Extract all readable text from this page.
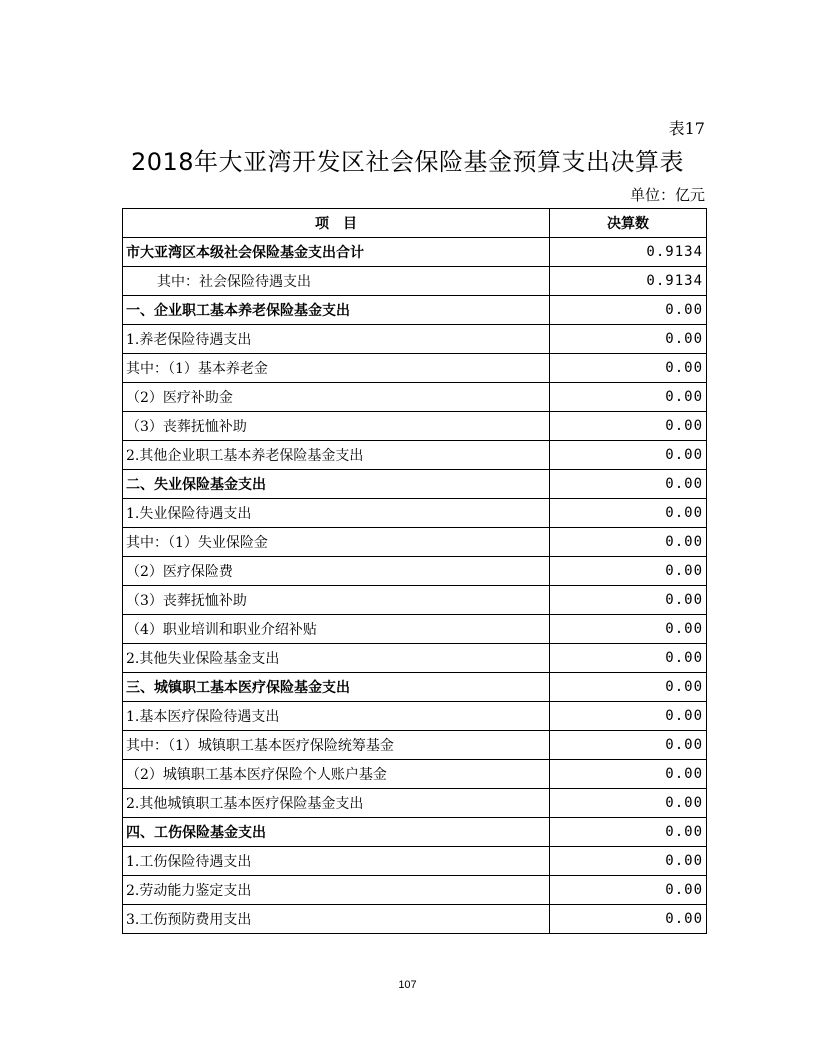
表17
2018年大亚湾开发区社会保险基金预算支出决算表
单位：亿元
项　目	决算数
市大亚湾区本级社会保险基金支出合计	0.9134
其中：社会保险待遇支出	0.9134
一、企业职工基本养老保险基金支出	0.00
1.养老保险待遇支出	0.00
其中：（1）基本养老金	0.00
（2）医疗补助金	0.00
（3）丧葬抚恤补助	0.00
2.其他企业职工基本养老保险基金支出	0.00
二、失业保险基金支出	0.00
1.失业保险待遇支出	0.00
其中：（1）失业保险金	0.00
（2）医疗保险费	0.00
（3）丧葬抚恤补助	0.00
（4）职业培训和职业介绍补贴	0.00
2.其他失业保险基金支出	0.00
三、城镇职工基本医疗保险基金支出	0.00
1.基本医疗保险待遇支出	0.00
其中：（1）城镇职工基本医疗保险统筹基金	0.00
（2）城镇职工基本医疗保险个人账户基金	0.00
2.其他城镇职工基本医疗保险基金支出	0.00
四、工伤保险基金支出	0.00
1.工伤保险待遇支出	0.00
2.劳动能力鉴定支出	0.00
3.工伤预防费用支出	0.00
107
